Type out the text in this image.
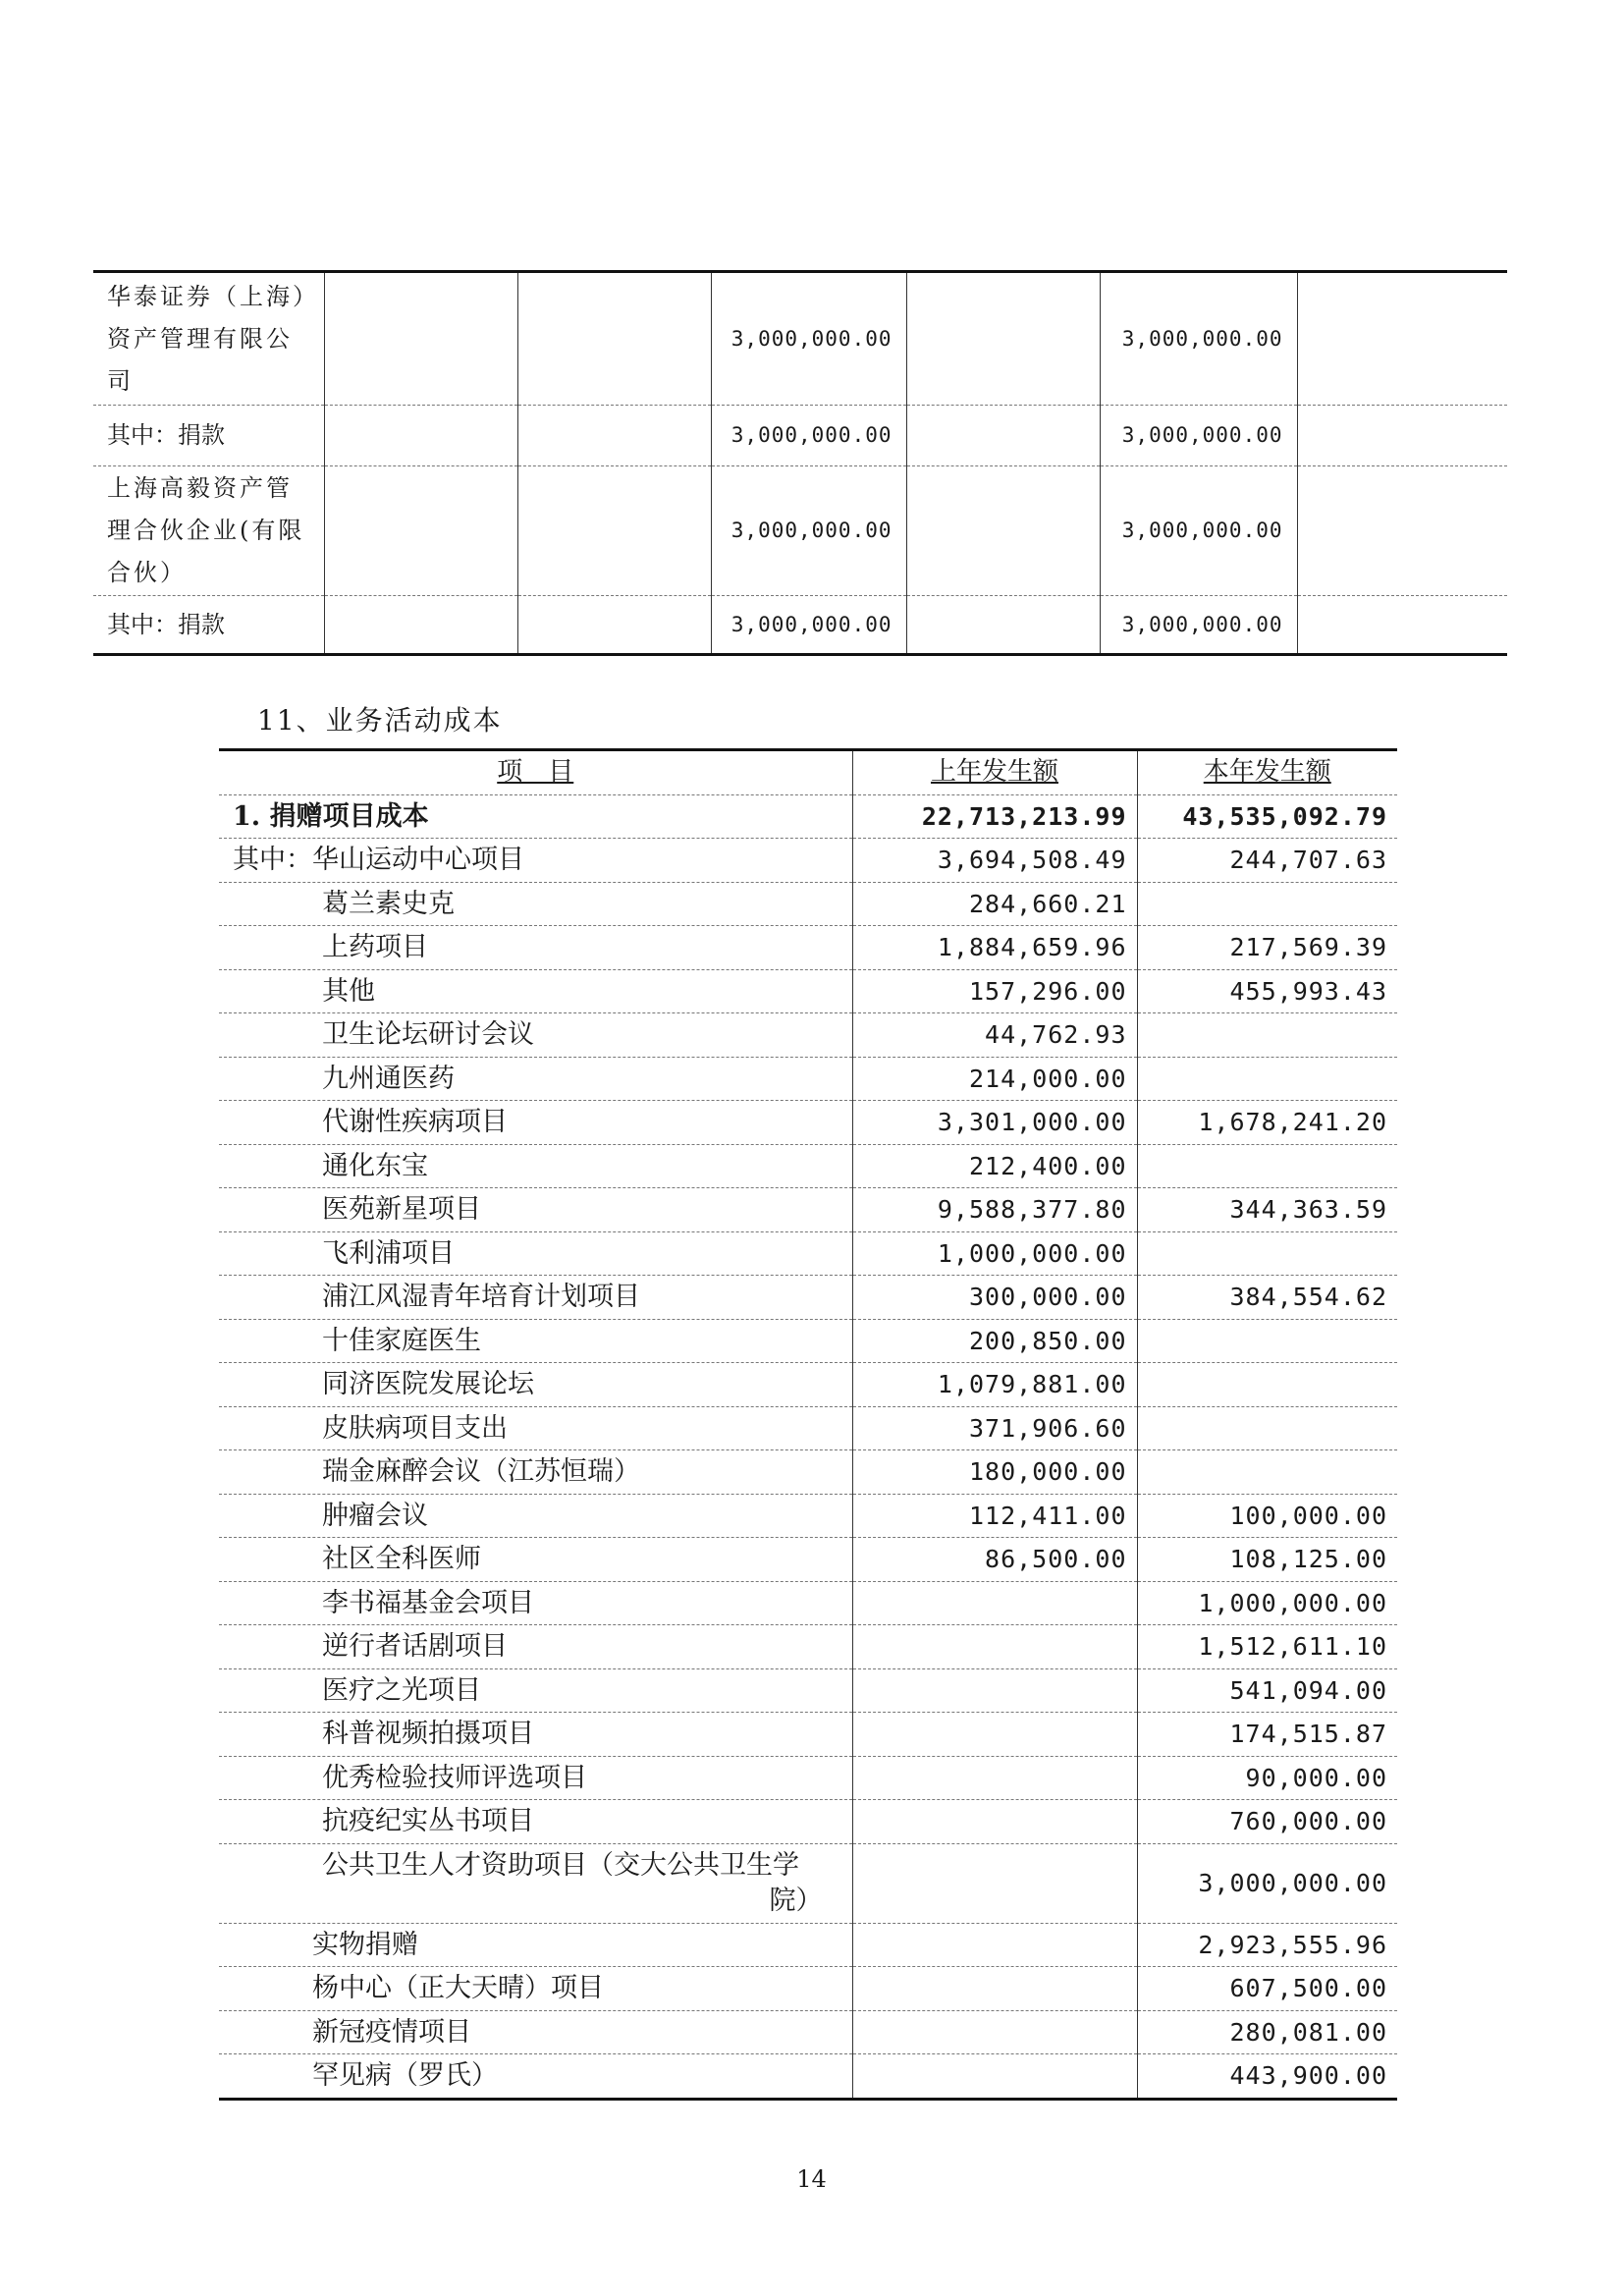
华泰证券（上海）资产管理有限公司			3,000,000.00		3,000,000.00	
其中：捐款			3,000,000.00		3,000,000.00	
上海高毅资产管理合伙企业(有限合伙）			3,000,000.00		3,000,000.00	
其中：捐款			3,000,000.00		3,000,000.00	
11、业务活动成本
项　目	上年发生额	本年发生额
1. 捐赠项目成本	22,713,213.99	43,535,092.79
其中：华山运动中心项目	3,694,508.49	244,707.63
葛兰素史克	284,660.21	
上药项目	1,884,659.96	217,569.39
其他	157,296.00	455,993.43
卫生论坛研讨会议	44,762.93	
九州通医药	214,000.00	
代谢性疾病项目	3,301,000.00	1,678,241.20
通化东宝	212,400.00	
医苑新星项目	9,588,377.80	344,363.59
飞利浦项目	1,000,000.00	
浦江风湿青年培育计划项目	300,000.00	384,554.62
十佳家庭医生	200,850.00	
同济医院发展论坛	1,079,881.00	
皮肤病项目支出	371,906.60	
瑞金麻醉会议（江苏恒瑞）	180,000.00	
肿瘤会议	112,411.00	100,000.00
社区全科医师	86,500.00	108,125.00
李书福基金会项目		1,000,000.00
逆行者话剧项目		1,512,611.10
医疗之光项目		541,094.00
科普视频拍摄项目		174,515.87
优秀检验技师评选项目		90,000.00
抗疫纪实丛书项目		760,000.00
公共卫生人才资助项目（交大公共卫生学
院）		3,000,000.00
实物捐赠		2,923,555.96
杨中心（正大天晴）项目		607,500.00
新冠疫情项目		280,081.00
罕见病（罗氏）		443,900.00
14
